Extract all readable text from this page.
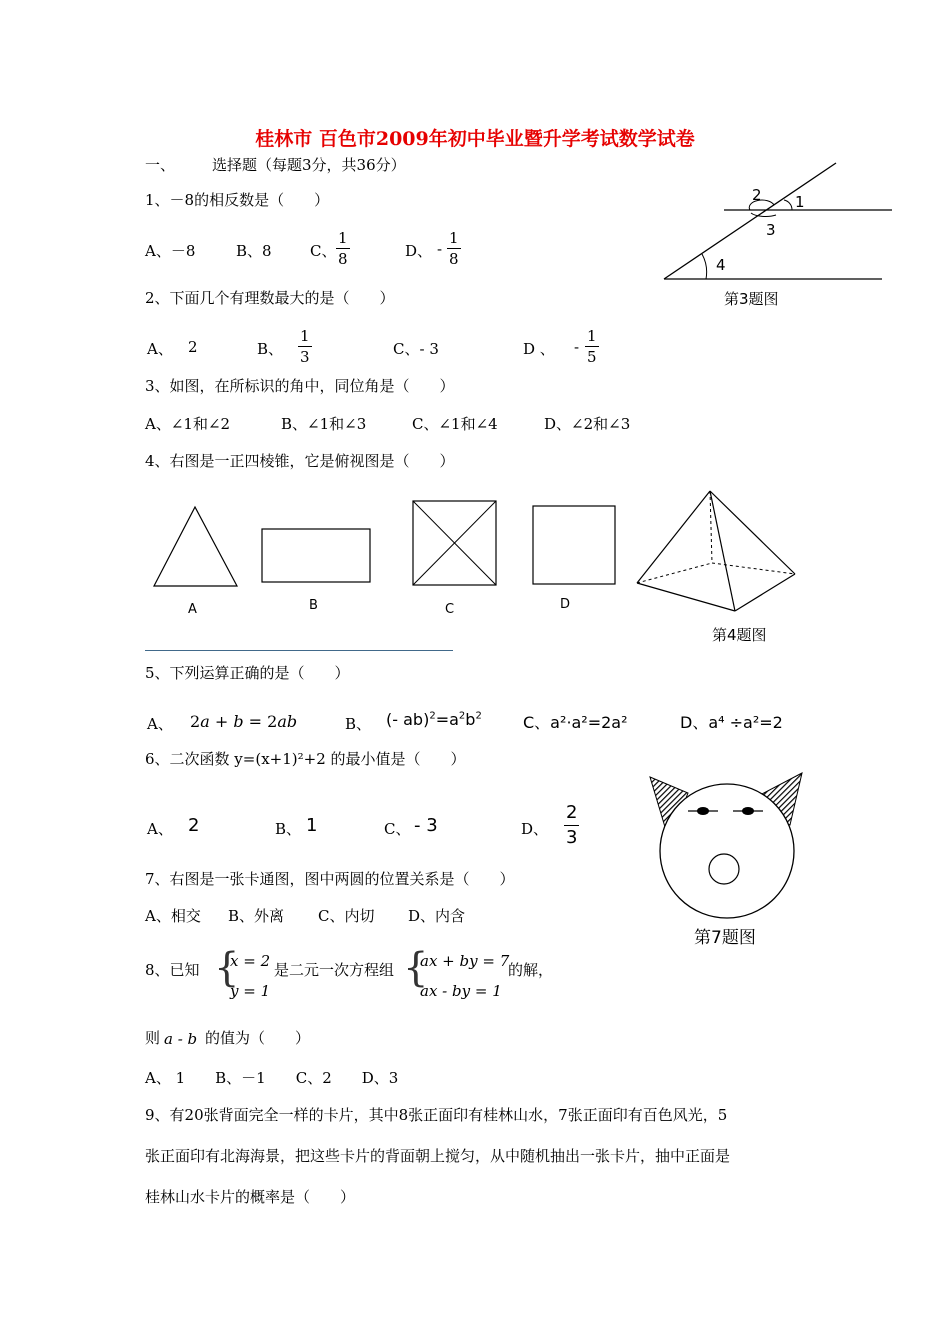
桂林市 百色市2009年初中毕业暨升学考试数学试卷
一、 选择题（每题3分，共36分）
1、－8的相反数是（　　）
A、－8	B、8	C、 $\frac{1}{8}$	D、 - $\frac{1}{8}$
2、下面几个有理数最大的是（　　）
A、 2	B、 $\frac{1}{3}$	C、- 3	D 、 - $\frac{1}{5}$
3、如图，在所标识的角中，同位角是（　　）
A、∠1和∠2	B、∠1和∠3	C、∠1和∠4	D、∠2和∠3
1
2
3
4
第3题图
4、右图是一正四棱锥，它是俯视图是（　　）
A	B	C	D
第4题图
5、下列运算正确的是（　　）
A、 2a + b = 2ab	B、 (- $ab)^2=a^2b^2$	C、a²⋅a²=2a²	D、a⁴ ÷a²=2
6、二次函数 y=(x+1)²+2 的最小值是（　　）
A、 2	B、 1	C、 - 3	D、 $\frac{2}{3}$
第7题图
7、右图是一张卡通图，图中两圆的位置关系是（　　）
A、相交 B、外离 C、内切 D、内含
8、已知 {
x = 2
y = 1
是二元一次方程组 {
ax + by = 7
ax - by = 1
的解，
则 a - b 的值为（　　）
A、 1　　B、－1　　C、2　　D、3
9、有20张背面完全一样的卡片，其中8张正面印有桂林山水，7张正面印有百色风光，5
张正面印有北海海景，把这些卡片的背面朝上搅匀，从中随机抽出一张卡片，抽中正面是
桂林山水卡片的概率是（　　）
